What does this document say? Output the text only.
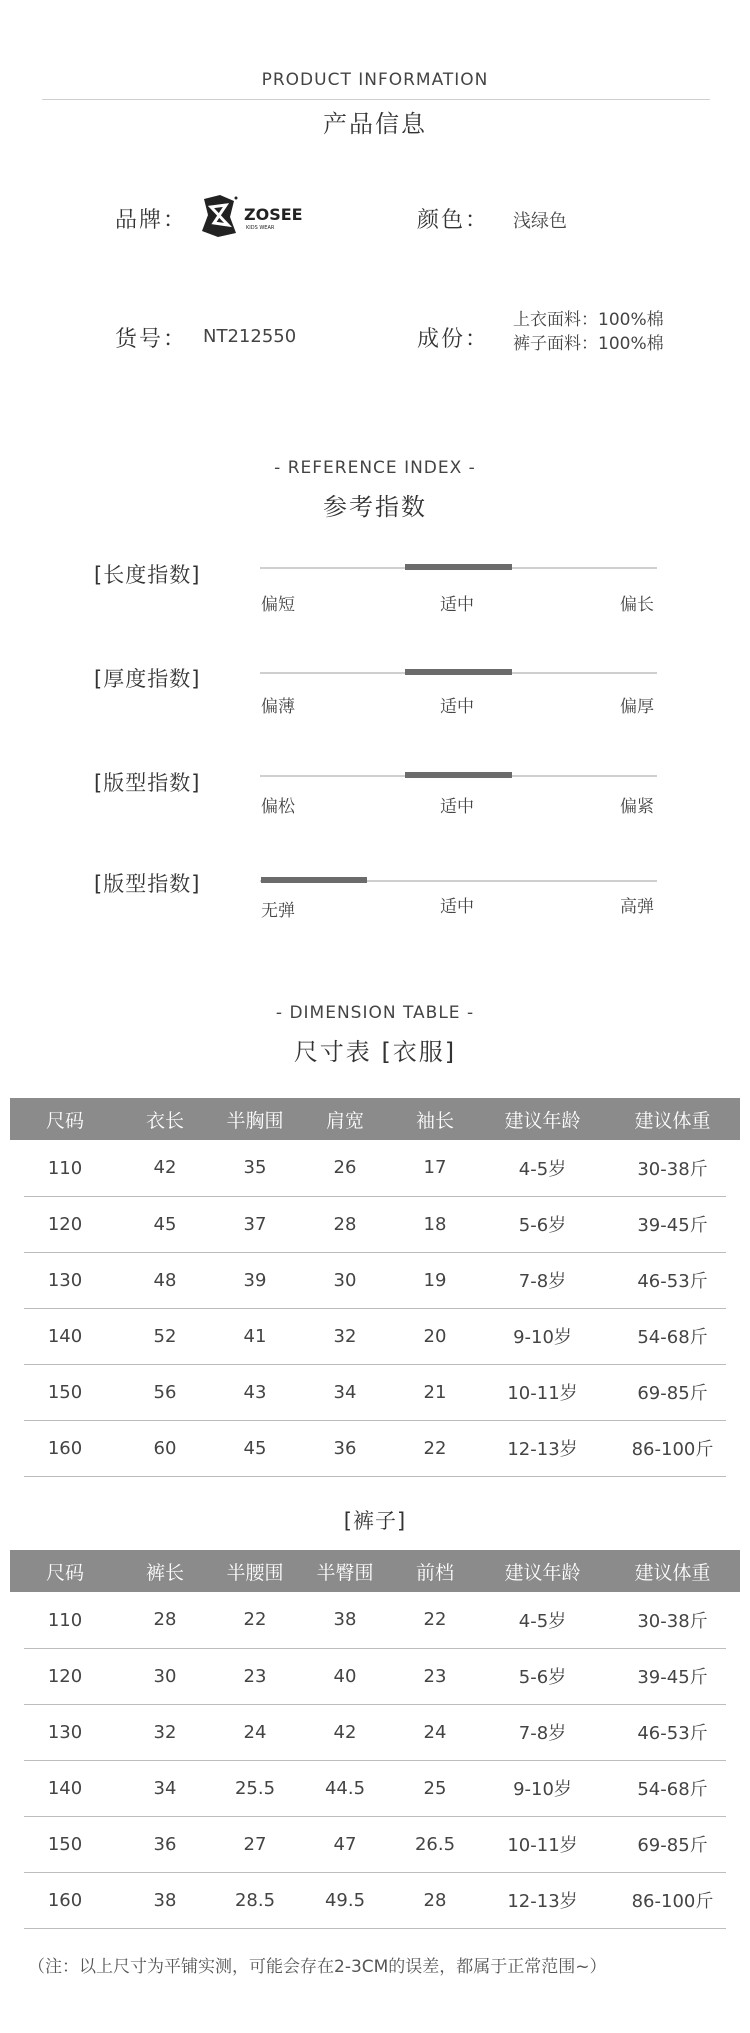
PRODUCT INFORMATION
产品信息
品牌：	ZOSEE
KIDS WEAR	颜色： 浅绿色
货号： NT212550	成份：
上衣面料：100%棉
裤子面料：100%棉
- REFERENCE INDEX -
参考指数
[长度指数]
偏短	适中	偏长
[厚度指数]
偏薄	适中	偏厚
[版型指数]
偏松	适中	偏紧
[版型指数]
无弹	适中	高弹
- DIMENSION TABLE -
尺寸表 [衣服]
尺码	衣长	半胸围	肩宽	袖长	建议年龄	建议体重

110	42	35	26	17	4-5岁	30-38斤

120	45	37	28	18	5-6岁	39-45斤

130	48	39	30	19	7-8岁	46-53斤

140	52	41	32	20	9-10岁	54-68斤

150	56	43	34	21	10-11岁	69-85斤

160	60	45	36	22	12-13岁	86-100斤
[裤子]
尺码	裤长	半腰围	半臀围	前档	建议年龄	建议体重

110	28	22	38	22	4-5岁	30-38斤

120	30	23	40	23	5-6岁	39-45斤

130	32	24	42	24	7-8岁	46-53斤

140	34	25.5	44.5	25	9-10岁	54-68斤

150	36	27	47	26.5	10-11岁	69-85斤

160	38	28.5	49.5	28	12-13岁	86-100斤
（注：以上尺寸为平铺实测，可能会存在2-3CM的误差，都属于正常范围~）
